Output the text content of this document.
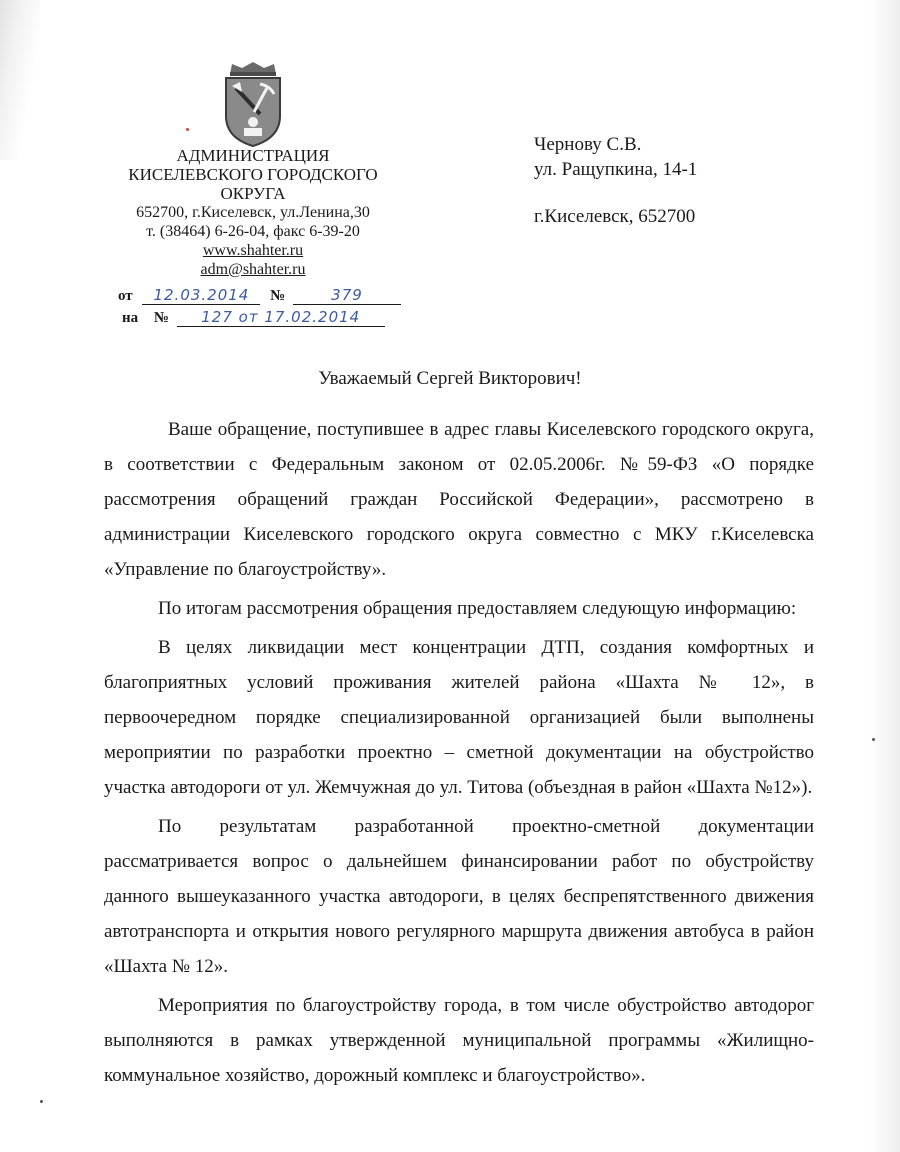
АДМИНИСТРАЦИЯ
КИСЕЛЕВСКОГО ГОРОДСКОГО
ОКРУГА
652700, г.Киселевск, ул.Ленина,30
т. (38464) 6-26-04, факс 6-39-20
www.shahter.ru
adm@shahter.ru
от 12.03.2014 №	379
на № 127 от 17.02.2014
Чернову С.В.
ул. Ращупкина, 14-1
г.Киселевск, 652700
Уважаемый Сергей Викторович!

Ваше обращение, поступившее в адрес главы Киселевского городского округа, в соответствии с Федеральным законом от 02.05.2006г. №59-ФЗ «О порядке рассмотрения обращений граждан Российской Федерации», рассмотрено в администрации Киселевского городского округа совместно с МКУ г.Киселевска «Управление по благоустройству».

По итогам рассмотрения обращения предоставляем следующую информацию:

В целях ликвидации мест концентрации ДТП, создания комфортных и благоприятных условий проживания жителей района «Шахта № 12», в первоочередном порядке специализированной организацией были выполнены мероприятии по разработки проектно – сметной документации на обустройство участка автодороги от ул. Жемчужная до ул. Титова (объездная в район «Шахта №12»).

По результатам разработанной проектно-сметной документации рассматривается вопрос о дальнейшем финансировании работ по обустройству данного вышеуказанного участка автодороги, в целях беспрепятственного движения автотранспорта и открытия нового регулярного маршрута движения автобуса в район «Шахта № 12».

Мероприятия по благоустройству города, в том числе обустройство автодорог выполняются в рамках утвержденной муниципальной программы «Жилищно-коммунальное хозяйство, дорожный комплекс и благоустройство».
